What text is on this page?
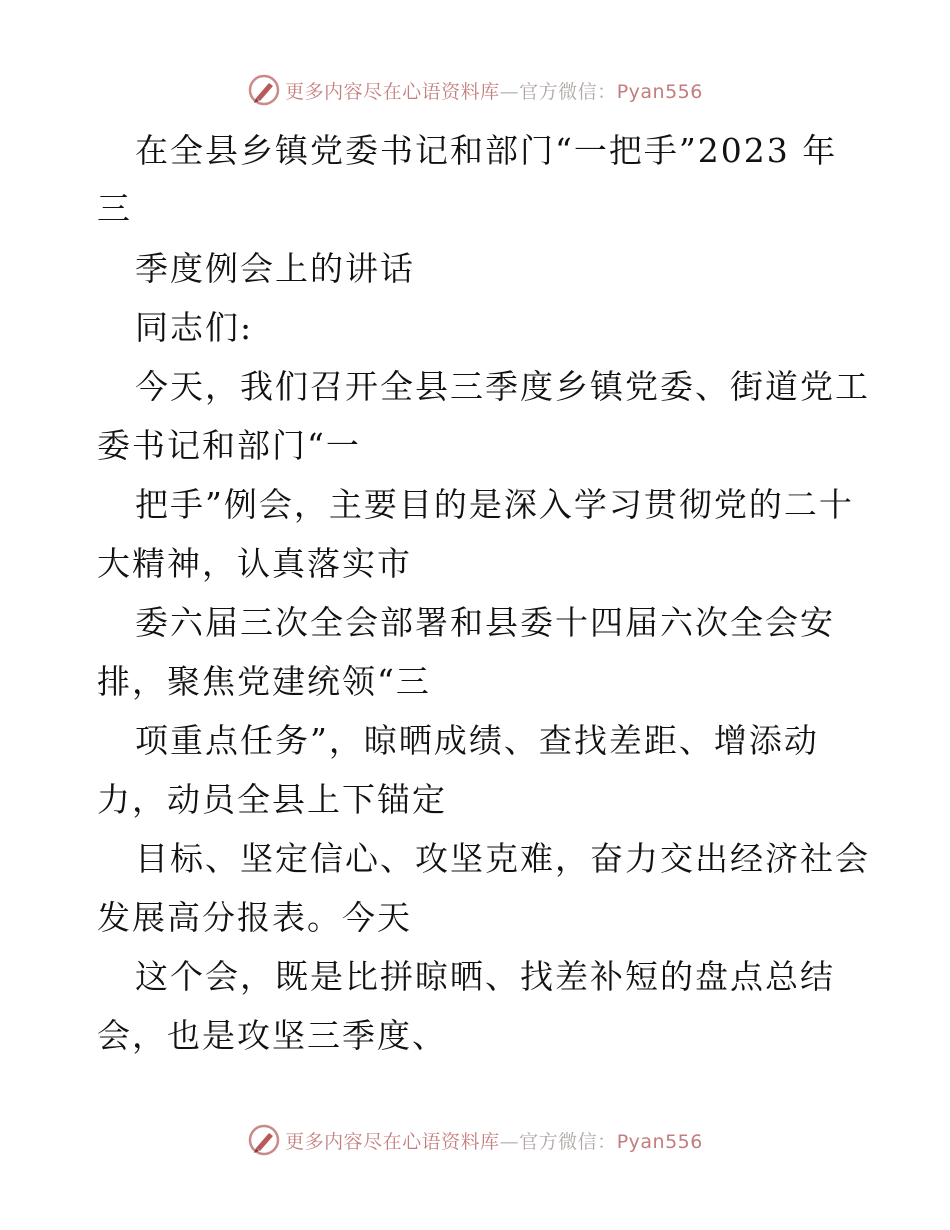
更多内容尽在心语资料库—官方微信：Pyan556
在全县乡镇党委书记和部门“一把手”2023 年
三
季度例会上的讲话
同志们:
今天，我们召开全县三季度乡镇党委、街道党工
委书记和部门“一
把手”例会，主要目的是深入学习贯彻党的二十
大精神，认真落实市
委六届三次全会部署和县委十四届六次全会安
排，聚焦党建统领“三
项重点任务”，晾晒成绩、查找差距、增添动
力，动员全县上下锚定
目标、坚定信心、攻坚克难，奋力交出经济社会
发展高分报表。今天
这个会，既是比拼晾晒、找差补短的盘点总结
会，也是攻坚三季度、
更多内容尽在心语资料库—官方微信：Pyan556
